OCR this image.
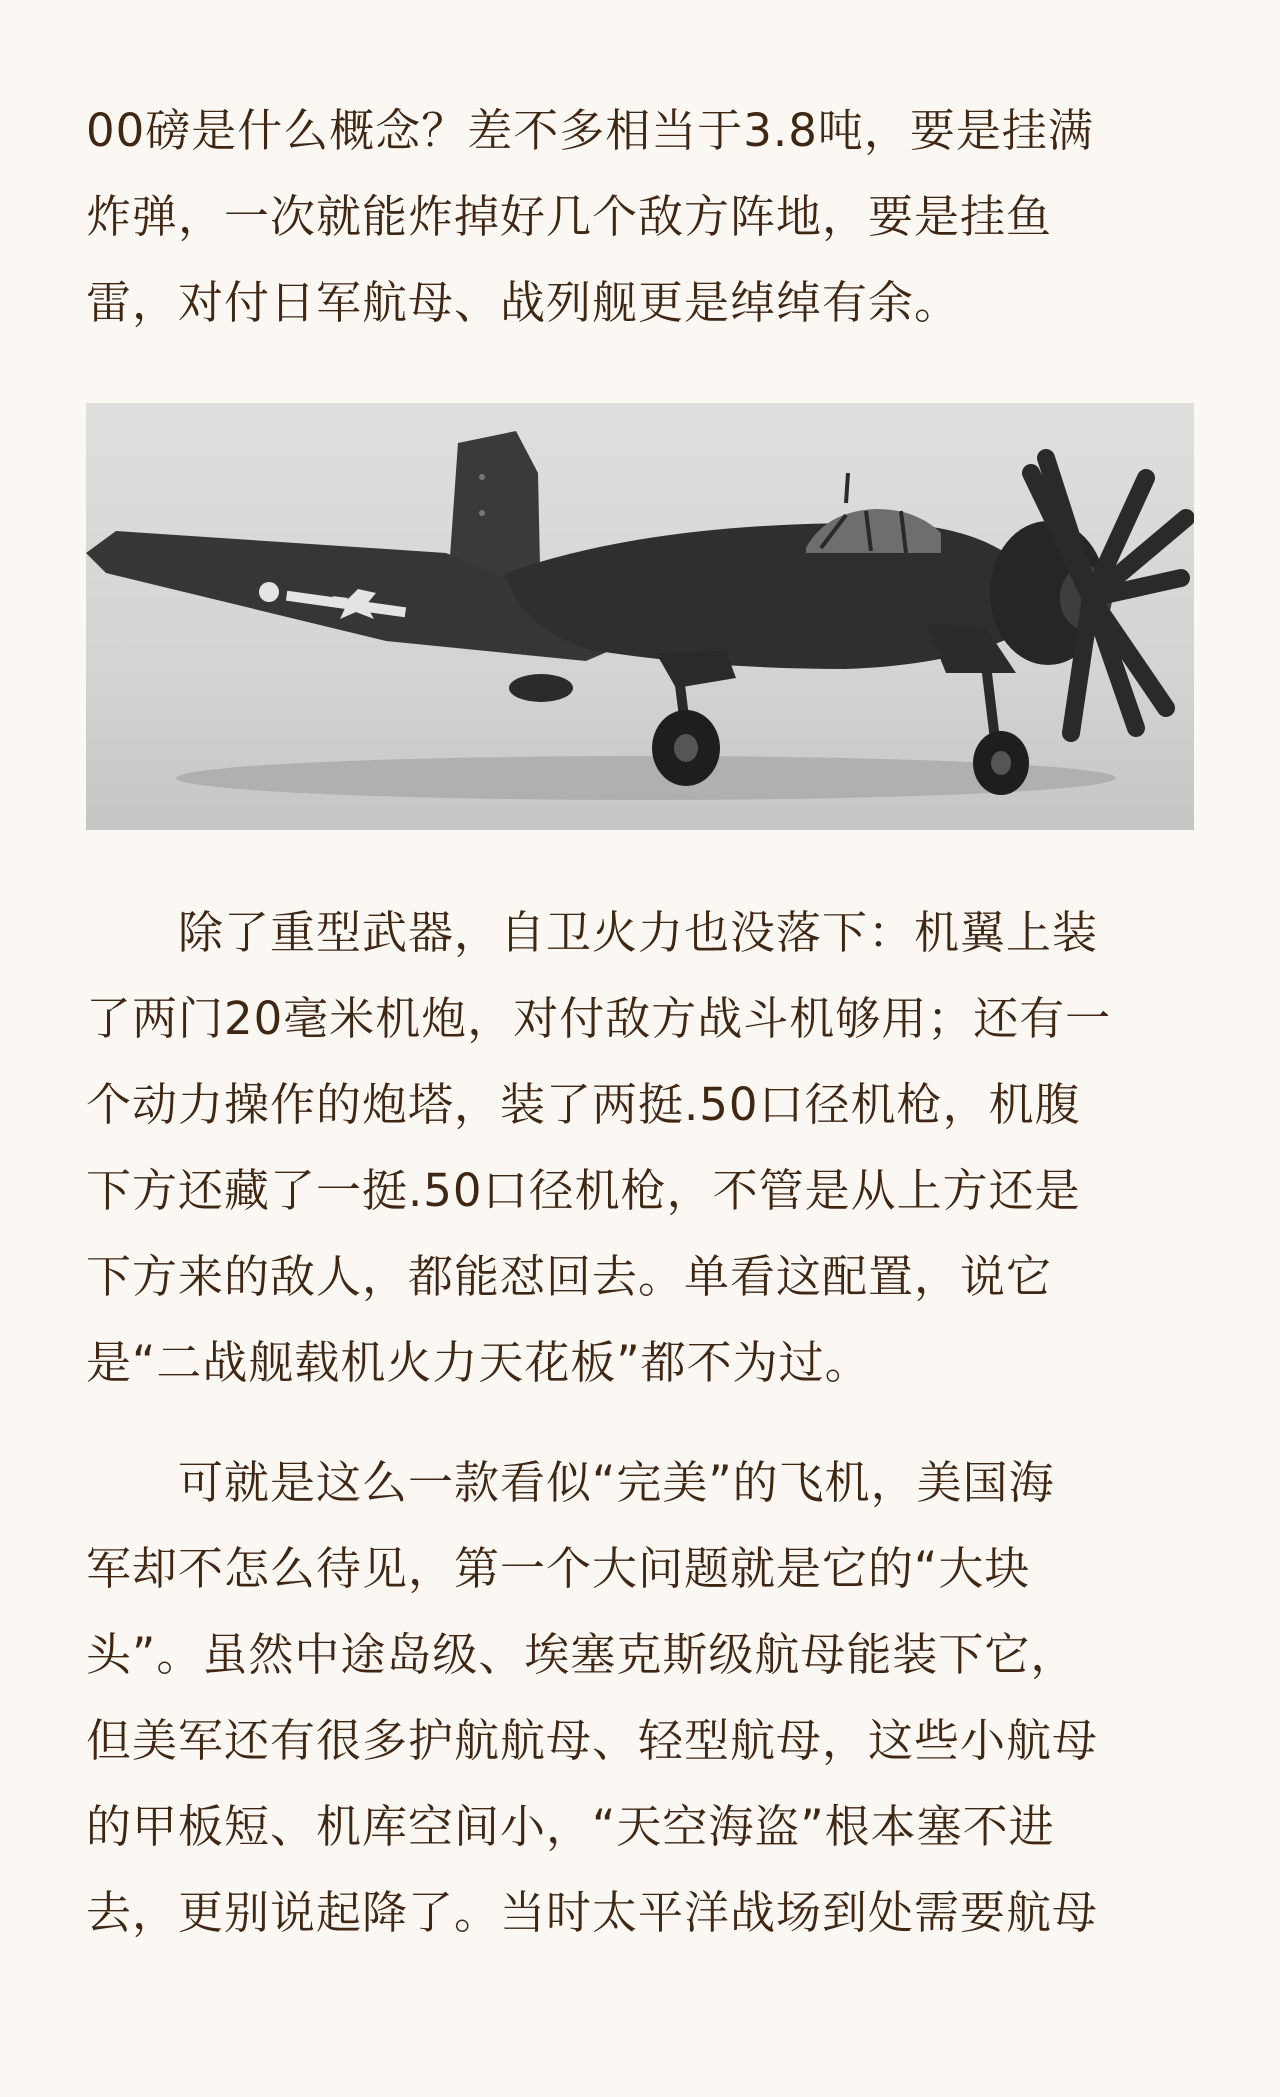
00磅是什么概念？差不多相当于3.8吨，要是挂满
炸弹，一次就能炸掉好几个敌方阵地，要是挂鱼
雷，对付日军航母、战列舰更是绰绰有余。
除了重型武器，自卫火力也没落下：机翼上装
了两门20毫米机炮，对付敌方战斗机够用；还有一
个动力操作的炮塔，装了两挺.50口径机枪，机腹
下方还藏了一挺.50口径机枪，不管是从上方还是
下方来的敌人，都能怼回去。单看这配置，说它
是“二战舰载机火力天花板”都不为过。
可就是这么一款看似“完美”的飞机，美国海
军却不怎么待见，第一个大问题就是它的“大块
头”。虽然中途岛级、埃塞克斯级航母能装下它，
但美军还有很多护航航母、轻型航母，这些小航母
的甲板短、机库空间小，“天空海盗”根本塞不进
去，更别说起降了。当时太平洋战场到处需要航母
